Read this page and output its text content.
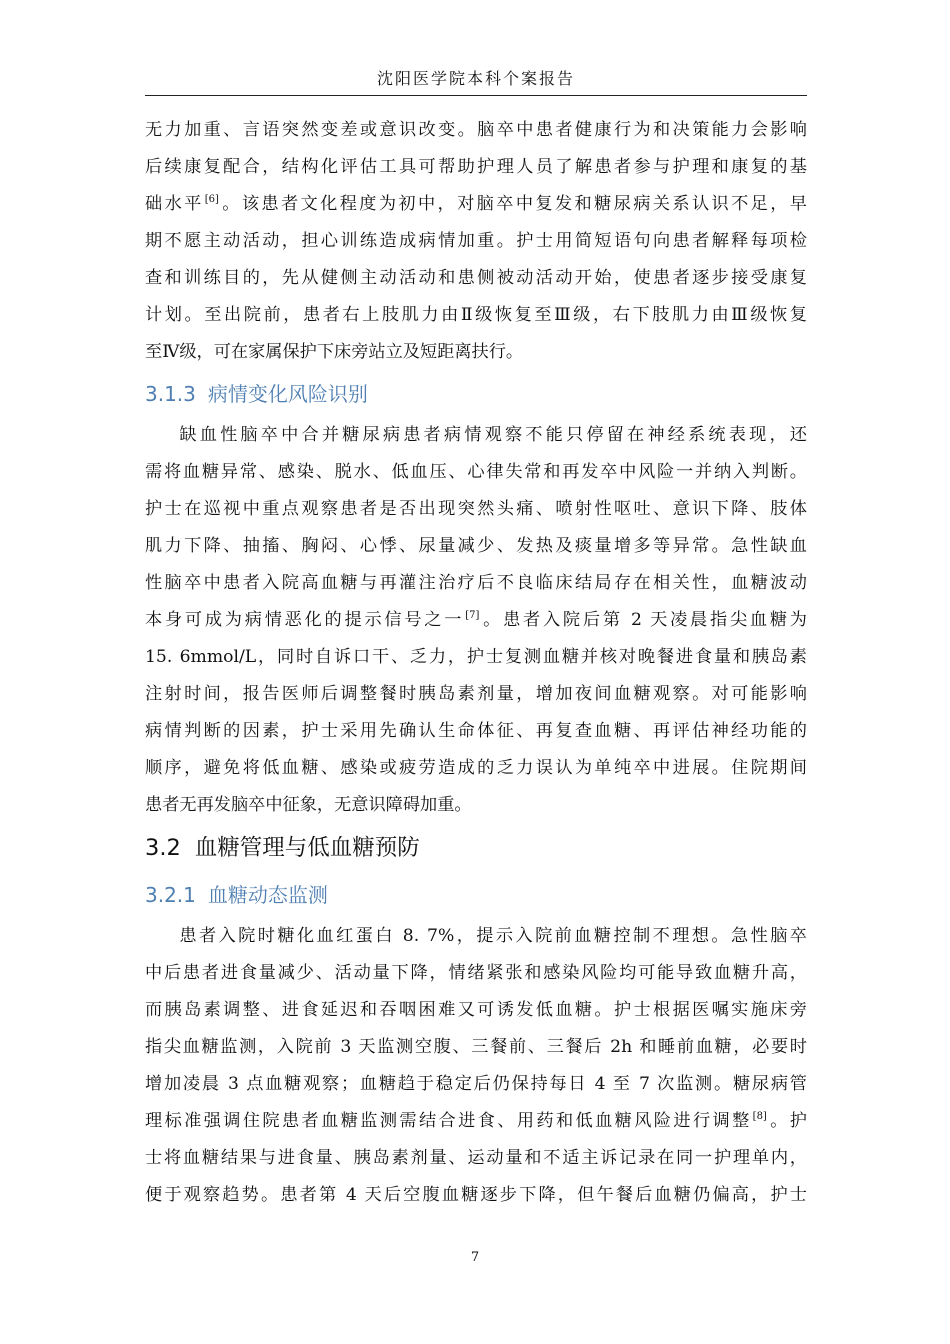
沈阳医学院本科个案报告
无力加重、言语突然变差或意识改变。脑卒中患者健康行为和决策能力会影响
后续康复配合，结构化评估工具可帮助护理人员了解患者参与护理和康复的基
础水平[6]。该患者文化程度为初中，对脑卒中复发和糖尿病关系认识不足，早
期不愿主动活动，担心训练造成病情加重。护士用简短语句向患者解释每项检
查和训练目的，先从健侧主动活动和患侧被动活动开始，使患者逐步接受康复
计划。至出院前，患者右上肢肌力由Ⅱ级恢复至Ⅲ级，右下肢肌力由Ⅲ级恢复
至Ⅳ级，可在家属保护下床旁站立及短距离扶行。
3.1.3 病情变化风险识别
缺血性脑卒中合并糖尿病患者病情观察不能只停留在神经系统表现，还
需将血糖异常、感染、脱水、低血压、心律失常和再发卒中风险一并纳入判断。
护士在巡视中重点观察患者是否出现突然头痛、喷射性呕吐、意识下降、肢体
肌力下降、抽搐、胸闷、心悸、尿量减少、发热及痰量增多等异常。急性缺血
性脑卒中患者入院高血糖与再灌注治疗后不良临床结局存在相关性，血糖波动
本身可成为病情恶化的提示信号之一[7]。患者入院后第 2 天凌晨指尖血糖为
15. 6mmol/L，同时自诉口干、乏力，护士复测血糖并核对晚餐进食量和胰岛素
注射时间，报告医师后调整餐时胰岛素剂量，增加夜间血糖观察。对可能影响
病情判断的因素，护士采用先确认生命体征、再复查血糖、再评估神经功能的
顺序，避免将低血糖、感染或疲劳造成的乏力误认为单纯卒中进展。住院期间
患者无再发脑卒中征象，无意识障碍加重。
3.2 血糖管理与低血糖预防
3.2.1 血糖动态监测
患者入院时糖化血红蛋白 8. 7%，提示入院前血糖控制不理想。急性脑卒
中后患者进食量减少、活动量下降，情绪紧张和感染风险均可能导致血糖升高，
而胰岛素调整、进食延迟和吞咽困难又可诱发低血糖。护士根据医嘱实施床旁
指尖血糖监测，入院前 3 天监测空腹、三餐前、三餐后 2h 和睡前血糖，必要时
增加凌晨 3 点血糖观察；血糖趋于稳定后仍保持每日 4 至 7 次监测。糖尿病管
理标准强调住院患者血糖监测需结合进食、用药和低血糖风险进行调整[8]。护
士将血糖结果与进食量、胰岛素剂量、运动量和不适主诉记录在同一护理单内，
便于观察趋势。患者第 4 天后空腹血糖逐步下降，但午餐后血糖仍偏高，护士
7
